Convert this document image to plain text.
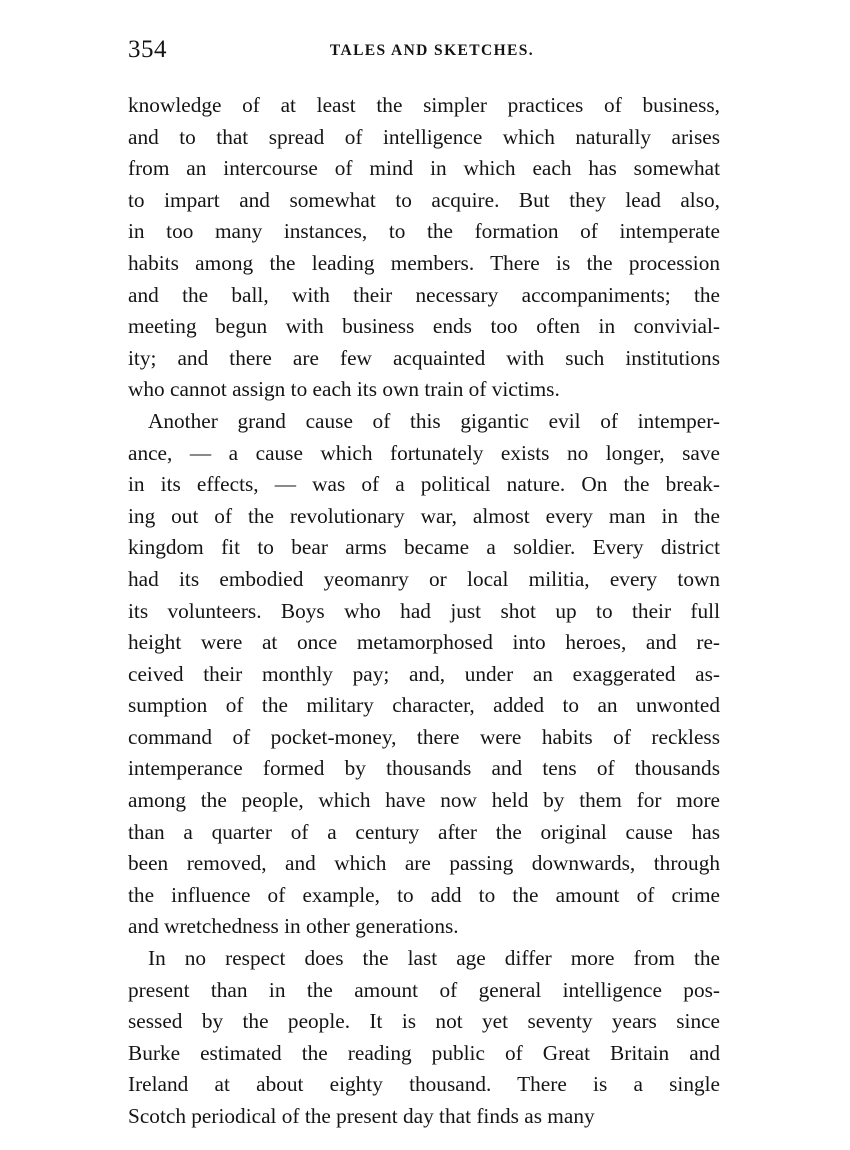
354	TALES AND SKETCHES.
knowledge of at least the simpler practices of business,
and to that spread of intelligence which naturally arises
from an intercourse of mind in which each has somewhat
to impart and somewhat to acquire. But they lead also,
in too many instances, to the formation of intemperate
habits among the leading members. There is the procession
and the ball, with their necessary accompaniments; the
meeting begun with business ends too often in convivial-
ity; and there are few acquainted with such institutions
who cannot assign to each its own train of victims.
Another grand cause of this gigantic evil of intemper-
ance, — a cause which fortunately exists no longer, save
in its effects, — was of a political nature. On the break-
ing out of the revolutionary war, almost every man in the
kingdom fit to bear arms became a soldier. Every district
had its embodied yeomanry or local militia, every town
its volunteers. Boys who had just shot up to their full
height were at once metamorphosed into heroes, and re-
ceived their monthly pay; and, under an exaggerated as-
sumption of the military character, added to an unwonted
command of pocket-money, there were habits of reckless
intemperance formed by thousands and tens of thousands
among the people, which have now held by them for more
than a quarter of a century after the original cause has
been removed, and which are passing downwards, through
the influence of example, to add to the amount of crime
and wretchedness in other generations.
In no respect does the last age differ more from the
present than in the amount of general intelligence pos-
sessed by the people. It is not yet seventy years since
Burke estimated the reading public of Great Britain and
Ireland at about eighty thousand. There is a single
Scotch periodical of the present day that finds as many
